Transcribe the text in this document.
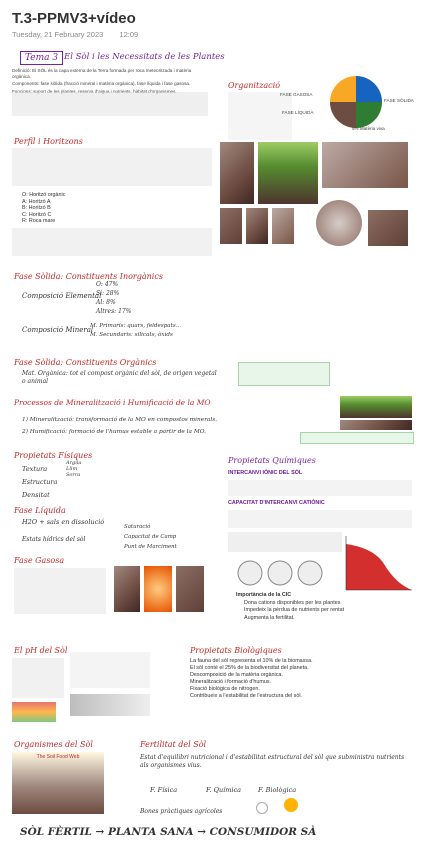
T.3-PPMV3+vídeo
Tuesday, 21 February 2023 12:09
Tema 3 El Sòl i les Necessitats de les Plantes
Definició: El SÒL és la capa externa de la Terra formada per roca meteoritzada i matèria orgànica.
Components: fase sòlida (fracció mineral i matèria orgànica), fase líquida i fase gasosa.	Organització
FASE GASOSA
FASE LÍQUIDA
FASE SÒLIDA
5% Matèria viva
Perfil i Horitzons
O: Horitzó orgànic
A: Horitzó A
B: Horitzó B
C: Horitzó C
R: Roca mare
Fase Sòlida: Constituents Inorgànics
Composició Elemental
O: 47%
Si: 28%
Al: 8%
Altres: 17%
Composició Mineral
M. Primaris: quars, feldespats...
M. Secundaris: silicats, òxids
Fase Sòlida: Constituents Orgànics
Mat. Orgànica: tot el compost orgànic del sòl, de origen vegetal o animal
Processos de Mineralització i Humificació de la MO
1) Mineralització: transformació de la MO en compostos minerals.
2) Humificació: formació de l'humus estable a partir de la MO.
Propietats Físiques
Textura
Estructura
Densitat
Argila
Llim
Sorra
Fase Líquida
H2O + sals en dissolució
Estats hídrics del sòl
Saturació
Capacitat de Camp
Punt de Marciment
Fase Gasosa
Propietats Químiques
INTERCANVI IÒNIC DEL SÒL
CAPACITAT D'INTERCANVI CATIÒNIC
Importància de la CIC
Dona cations disponibles per les plantes
Impedeix la pèrdua de nutrients per rentat
Augmenta la fertilitat.
El pH del Sòl	Propietats Biològiques
La fauna del sòl representa el 10% de la biomassa.
El sòl conté el 25% de la biodiversitat del planeta.
Descomposició de la matèria orgànica.
Mineralització i formació d'humus.
Fixació biològica de nitrogen.
Contribueix a l'estabilitat de l'estructura del sòl.
Organismes del Sòl
The Soil Food Web
Fertilitat del Sòl
Estat d'equilibri nutricional i d'estabilitat estructural del sòl que subministra nutrients als organismes vius.
F. Física	F. Química	F. Biològica
Bones pràctiques agrícoles
SÒL FÈRTIL → PLANTA SANA → CONSUMIDOR SÀ
